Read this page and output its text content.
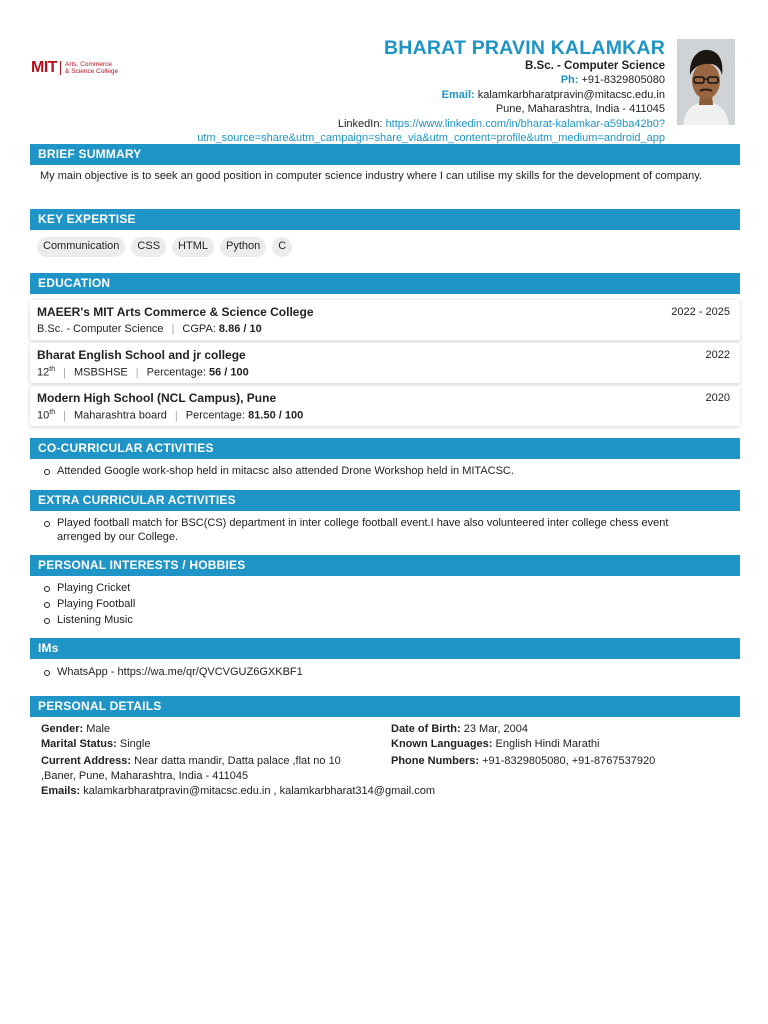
MIT Arts, Commerce
& Science College
BHARAT PRAVIN KALAMKAR
B.Sc. - Computer Science
Ph: +91-8329805080
Email: kalamkarbharatpravin@mitacsc.edu.in
Pune, Maharashtra, India - 411045
LinkedIn: https://www.linkedin.com/in/bharat-kalamkar-a59ba42b0?
utm_source=share&utm_campaign=share_via&utm_content=profile&utm_medium=android_app
BRIEF SUMMARY
My main objective is to seek an good position in computer science industry where I can utilise my skills for the development of company.
KEY EXPERTISE
Communication	CSS	HTML	Python	C
EDUCATION
MAEER's MIT Arts Commerce & Science College	2022 - 2025
B.Sc. - Computer Science | CGPA: 8.86 / 10
Bharat English School and jr college	2022
12th | MSBSHSE | Percentage: 56 / 100
Modern High School (NCL Campus), Pune	2020
10th | Maharashtra board | Percentage: 81.50 / 100
CO-CURRICULAR ACTIVITIES
Attended Google work-shop held in mitacsc also attended Drone Workshop held in MITACSC.
EXTRA CURRICULAR ACTIVITIES
Played football match for BSC(CS) department in inter college football event.I have also volunteered inter college chess event arrenged by our College.
PERSONAL INTERESTS / HOBBIES
Playing Cricket
Playing Football
Listening Music
IMs
WhatsApp - https://wa.me/qr/QVCVGUZ6GXKBF1
PERSONAL DETAILS
Gender: Male	Date of Birth: 23 Mar, 2004
Marital Status: Single	Known Languages: English Hindi Marathi
Current Address: Near datta mandir, Datta palace ,flat no 10
,Baner, Pune, Maharashtra, India - 411045
Phone Numbers: +91-8329805080, +91-8767537920
Emails: kalamkarbharatpravin@mitacsc.edu.in , kalamkarbharat314@gmail.com
